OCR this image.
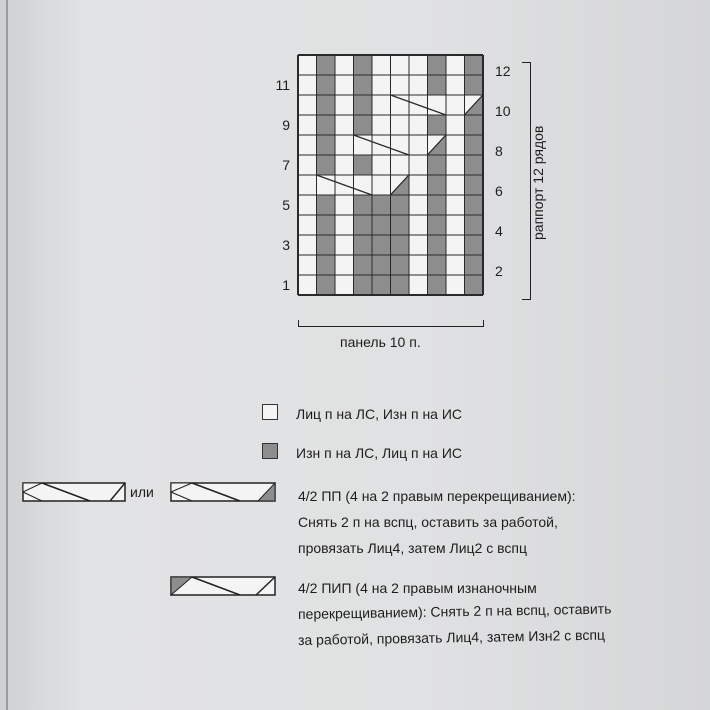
11
9
7
5
3
1
12
10
8
6
4
2
раппорт 12 рядов
панель 10 п.
Лиц п на ЛС, Изн п на ИС
Изн п на ЛС, Лиц п на ИС
или	4/2 ПП (4 на 2 правым перекрещиванием):
Снять 2 п на вспц, оставить за работой,
провязать Лиц4, затем Лиц2 с вспц
4/2 ПИП (4 на 2 правым изнаночным
перекрещиванием): Снять 2 п на вспц, оставить
за работой, провязать Лиц4, затем Изн2 с вспц
